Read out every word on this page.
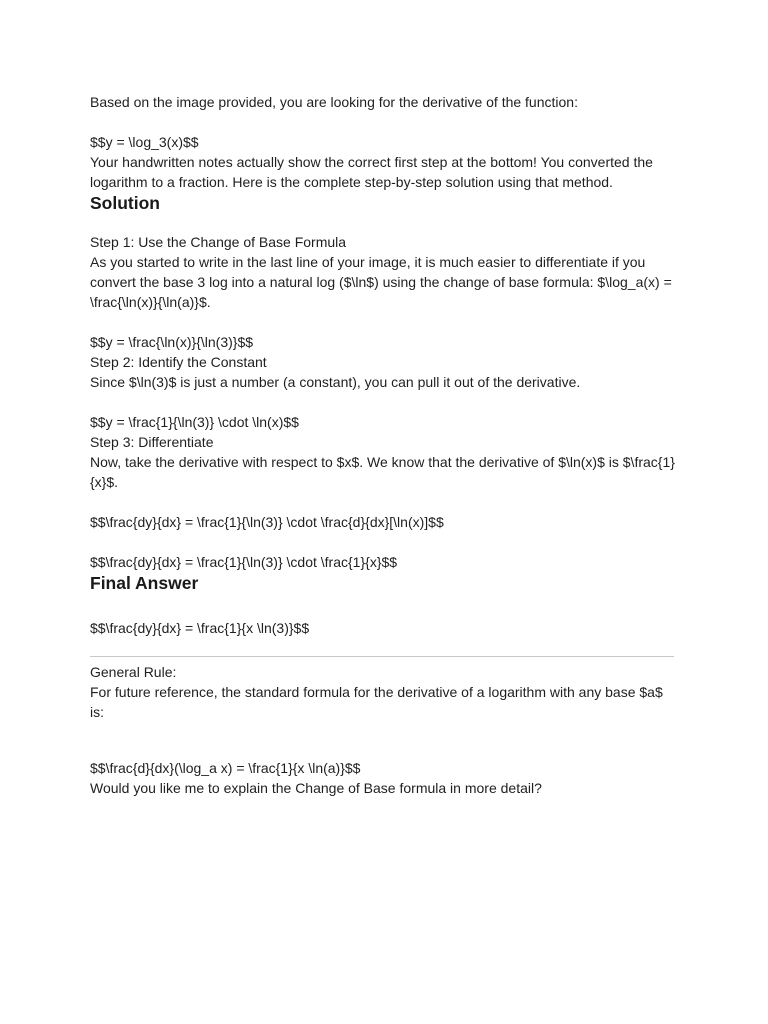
Based on the image provided, you are looking for the derivative of the function:

$$y = \log_3(x)$$

Your handwritten notes actually show the correct first step at the bottom! You converted the logarithm to a fraction. Here is the complete step-by-step solution using that method.

Solution

Step 1: Use the Change of Base Formula

As you started to write in the last line of your image, it is much easier to differentiate if you convert the base 3 log into a natural log ($\ln$) using the change of base formula: $\log_a(x) = \frac{\ln(x)}{\ln(a)}$.

$$y = \frac{\ln(x)}{\ln(3)}$$

Step 2: Identify the Constant

Since $\ln(3)$ is just a number (a constant), you can pull it out of the derivative.

$$y = \frac{1}{\ln(3)} \cdot \ln(x)$$

Step 3: Differentiate

Now, take the derivative with respect to $x$. We know that the derivative of $\ln(x)$ is $\frac{1}{x}$.

$$\frac{dy}{dx} = \frac{1}{\ln(3)} \cdot \frac{d}{dx}[\ln(x)]$$

$$\frac{dy}{dx} = \frac{1}{\ln(3)} \cdot \frac{1}{x}$$

Final Answer

$$\frac{dy}{dx} = \frac{1}{x \ln(3)}$$

General Rule:

For future reference, the standard formula for the derivative of a logarithm with any base $a$ is:

$$\frac{d}{dx}(\log_a x) = \frac{1}{x \ln(a)}$$

Would you like me to explain the Change of Base formula in more detail?
